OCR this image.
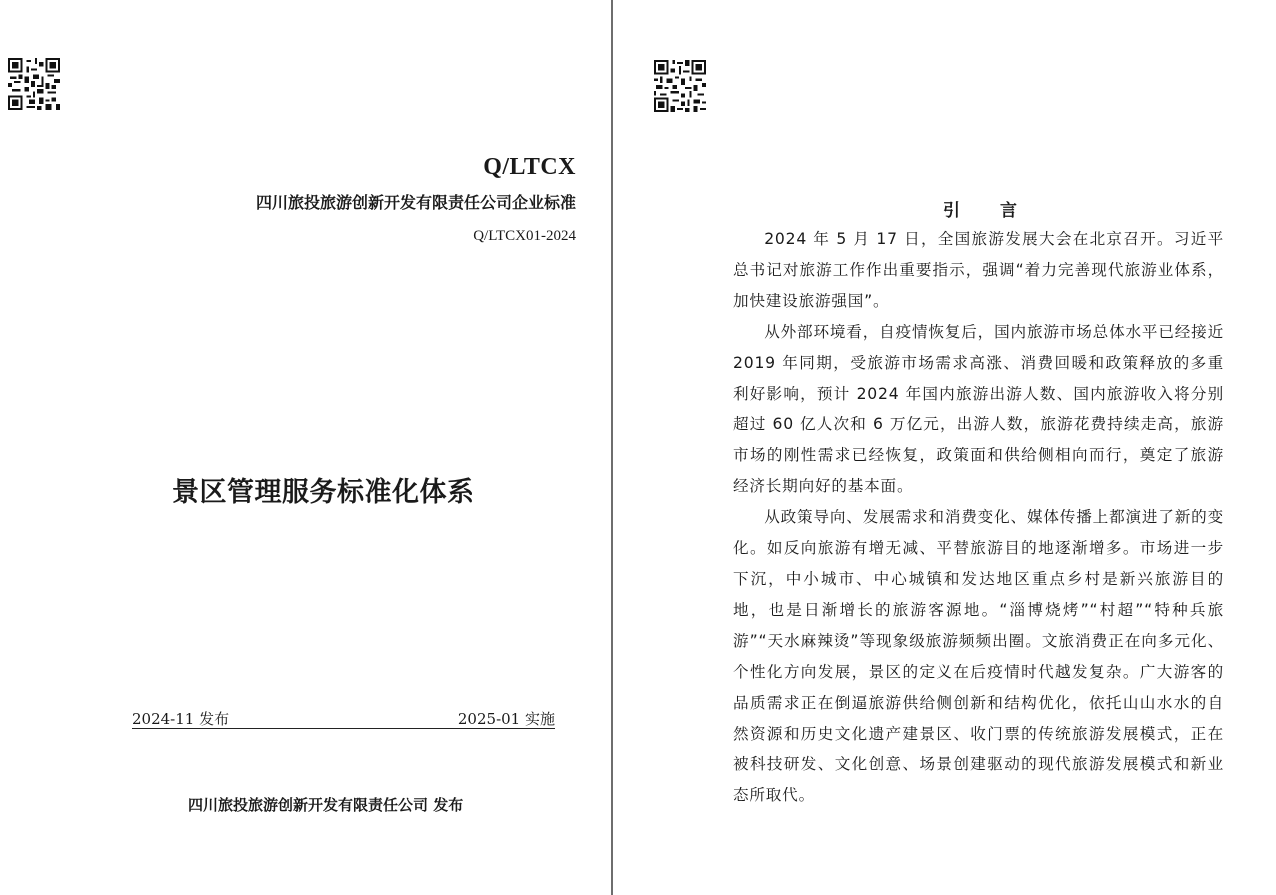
Q/LTCX
四川旅投旅游创新开发有限责任公司企业标准
Q/LTCX01-2024
景区管理服务标准化体系
2024-11 发布	2025-01 实施
四川旅投旅游创新开发有限责任公司 发布
引言

2024 年 5 月 17 日，全国旅游发展大会在北京召开。习近平总书记对旅游工作作出重要指示，强调“着力完善现代旅游业体系，加快建设旅游强国”。

从外部环境看，自疫情恢复后，国内旅游市场总体水平已经接近 2019 年同期，受旅游市场需求高涨、消费回暖和政策释放的多重利好影响，预计 2024 年国内旅游出游人数、国内旅游收入将分别超过 60 亿人次和 6 万亿元，出游人数，旅游花费持续走高，旅游市场的刚性需求已经恢复，政策面和供给侧相向而行，奠定了旅游经济长期向好的基本面。

从政策导向、发展需求和消费变化、媒体传播上都演进了新的变化。如反向旅游有增无减、平替旅游目的地逐渐增多。市场进一步下沉，中小城市、中心城镇和发达地区重点乡村是新兴旅游目的地，也是日渐增长的旅游客源地。“淄博烧烤”“村超”“特种兵旅游”“天水麻辣烫”等现象级旅游频频出圈。文旅消费正在向多元化、个性化方向发展，景区的定义在后疫情时代越发复杂。广大游客的品质需求正在倒逼旅游供给侧创新和结构优化，依托山山水水的自然资源和历史文化遗产建景区、收门票的传统旅游发展模式，正在被科技研发、文化创意、场景创建驱动的现代旅游发展模式和新业态所取代。
